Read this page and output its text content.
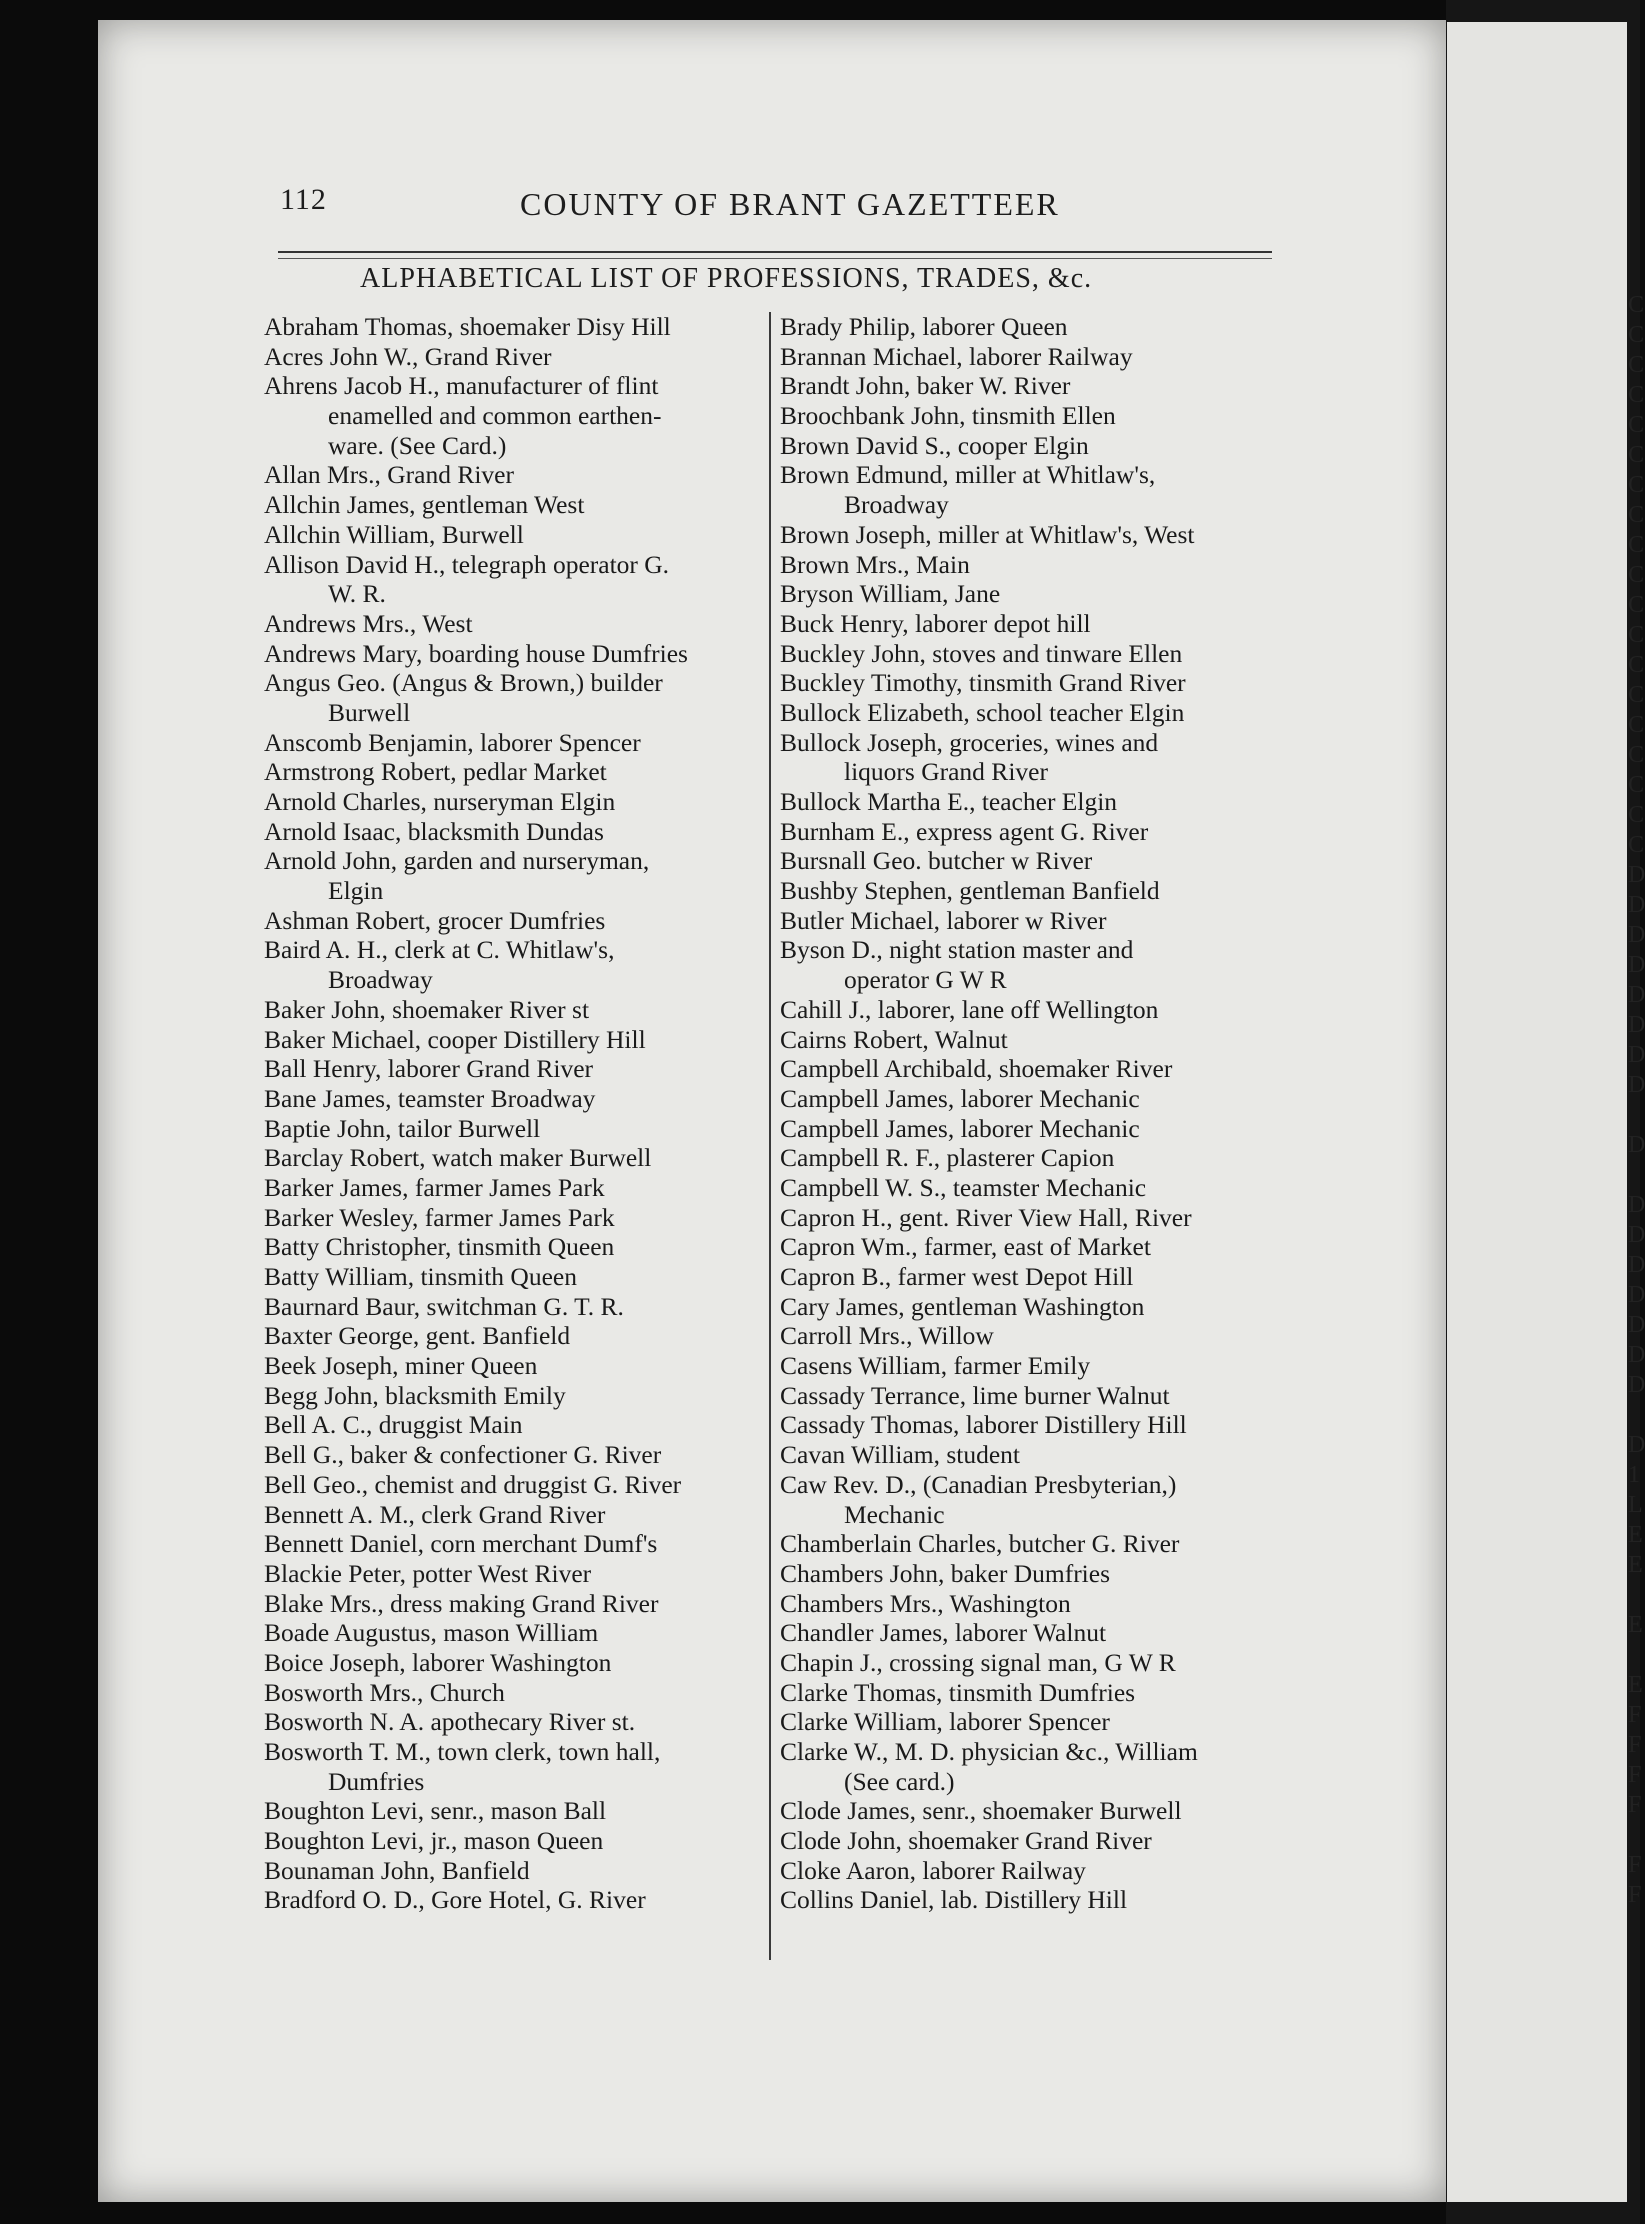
C
C
C
C
C
C
C
C
C
C
C
C
C
C
C
C
C
C
C
D
D
D
D
D
D
D
D
D
D
D
D
D
D
D
D
D
1
L
E
E
E
E
F
F
F
F
F
F
112	COUNTY OF BRANT GAZETTEER
ALPHABETICAL LIST OF PROFESSIONS, TRADES, &c.
Abraham Thomas, shoemaker Disy Hill
Acres John W., Grand River
Ahrens Jacob H., manufacturer of flint
enamelled and common earthen-
ware. (See Card.)
Allan Mrs., Grand River
Allchin James, gentleman West
Allchin William, Burwell
Allison David H., telegraph operator G.
W. R.
Andrews Mrs., West
Andrews Mary, boarding house Dumfries
Angus Geo. (Angus & Brown,) builder
Burwell
Anscomb Benjamin, laborer Spencer
Armstrong Robert, pedlar Market
Arnold Charles, nurseryman Elgin
Arnold Isaac, blacksmith Dundas
Arnold John, garden and nurseryman,
Elgin
Ashman Robert, grocer Dumfries
Baird A. H., clerk at C. Whitlaw's,
Broadway
Baker John, shoemaker River st
Baker Michael, cooper Distillery Hill
Ball Henry, laborer Grand River
Bane James, teamster Broadway
Baptie John, tailor Burwell
Barclay Robert, watch maker Burwell
Barker James, farmer James Park
Barker Wesley, farmer James Park
Batty Christopher, tinsmith Queen
Batty William, tinsmith Queen
Baurnard Baur, switchman G. T. R.
Baxter George, gent. Banfield
Beek Joseph, miner Queen
Begg John, blacksmith Emily
Bell A. C., druggist Main
Bell G., baker & confectioner G. River
Bell Geo., chemist and druggist G. River
Bennett A. M., clerk Grand River
Bennett Daniel, corn merchant Dumf's
Blackie Peter, potter West River
Blake Mrs., dress making Grand River
Boade Augustus, mason William
Boice Joseph, laborer Washington
Bosworth Mrs., Church
Bosworth N. A. apothecary River st.
Bosworth T. M., town clerk, town hall,
Dumfries
Boughton Levi, senr., mason Ball
Boughton Levi, jr., mason Queen
Bounaman John, Banfield
Bradford O. D., Gore Hotel, G. River
Brady Philip, laborer Queen
Brannan Michael, laborer Railway
Brandt John, baker W. River
Broochbank John, tinsmith Ellen
Brown David S., cooper Elgin
Brown Edmund, miller at Whitlaw's,
Broadway
Brown Joseph, miller at Whitlaw's, West
Brown Mrs., Main
Bryson William, Jane
Buck Henry, laborer depot hill
Buckley John, stoves and tinware Ellen
Buckley Timothy, tinsmith Grand River
Bullock Elizabeth, school teacher Elgin
Bullock Joseph, groceries, wines and
liquors Grand River
Bullock Martha E., teacher Elgin
Burnham E., express agent G. River
Bursnall Geo. butcher w River
Bushby Stephen, gentleman Banfield
Butler Michael, laborer w River
Byson D., night station master and
operator G W R
Cahill J., laborer, lane off Wellington
Cairns Robert, Walnut
Campbell Archibald, shoemaker River
Campbell James, laborer Mechanic
Campbell James, laborer Mechanic
Campbell R. F., plasterer Capion
Campbell W. S., teamster Mechanic
Capron H., gent. River View Hall, River
Capron Wm., farmer, east of Market
Capron B., farmer west Depot Hill
Cary James, gentleman Washington
Carroll Mrs., Willow
Casens William, farmer Emily
Cassady Terrance, lime burner Walnut
Cassady Thomas, laborer Distillery Hill
Cavan William, student
Caw Rev. D., (Canadian Presbyterian,)
Mechanic
Chamberlain Charles, butcher G. River
Chambers John, baker Dumfries
Chambers Mrs., Washington
Chandler James, laborer Walnut
Chapin J., crossing signal man, G W R
Clarke Thomas, tinsmith Dumfries
Clarke William, laborer Spencer
Clarke W., M. D. physician &c., William
(See card.)
Clode James, senr., shoemaker Burwell
Clode John, shoemaker Grand River
Cloke Aaron, laborer Railway
Collins Daniel, lab. Distillery Hill
